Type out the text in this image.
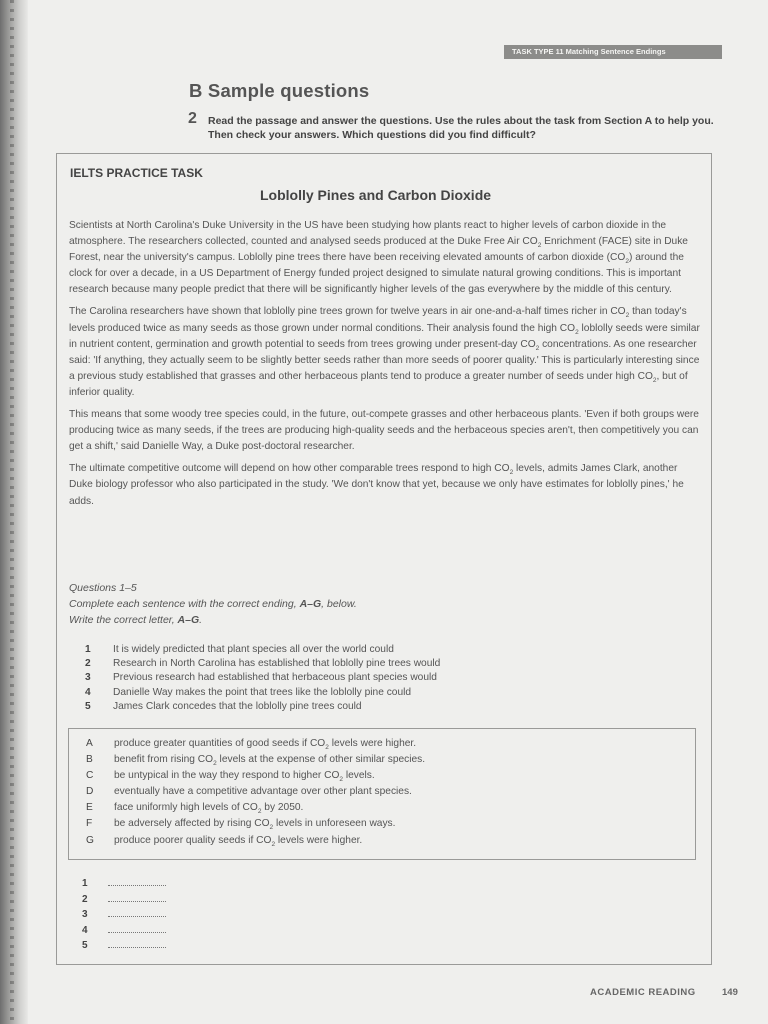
TASK TYPE 11 Matching Sentence Endings
B Sample questions
2 Read the passage and answer the questions. Use the rules about the task from Section A to help you. Then check your answers. Which questions did you find difficult?
IELTS PRACTICE TASK
Loblolly Pines and Carbon Dioxide

Scientists at North Carolina's Duke University in the US have been studying how plants react to higher levels of carbon dioxide in the atmosphere. The researchers collected, counted and analysed seeds produced at the Duke Free Air $CO_2$ Enrichment (FACE) site in Duke Forest, near the university's campus. Loblolly pine trees there have been receiving elevated amounts of carbon dioxide $(CO_2)$ around the clock for over a decade, in a US Department of Energy funded project designed to simulate natural growing conditions. This is important research because many people predict that there will be significantly higher levels of the gas everywhere by the middle of this century.

The Carolina researchers have shown that loblolly pine trees grown for twelve years in air one-and-a-half times richer in $CO_2$ than today's levels produced twice as many seeds as those grown under normal conditions. Their analysis found the high $CO_2$ loblolly seeds were similar in nutrient content, germination and growth potential to seeds from trees growing under present-day $CO_2$ concentrations. As one researcher said: 'If anything, they actually seem to be slightly better seeds rather than more seeds of poorer quality.' This is particularly interesting since a previous study established that grasses and other herbaceous plants tend to produce a greater number of seeds under high $CO_2$, but of inferior quality.

This means that some woody tree species could, in the future, out-compete grasses and other herbaceous plants. 'Even if both groups were producing twice as many seeds, if the trees are producing high-quality seeds and the herbaceous species aren't, then competitively you can get a shift,' said Danielle Way, a Duke post-doctoral researcher.

The ultimate competitive outcome will depend on how other comparable trees respond to high $CO_2$ levels, admits James Clark, another Duke biology professor who also participated in the study. 'We don't know that yet, because we only have estimates for loblolly pines,' he adds.

Questions 1–5
Complete each sentence with the correct ending, A–G, below.
Write the correct letter, A–G.
1	It is widely predicted that plant species all over the world could
2	Research in North Carolina has established that loblolly pine trees would
3	Previous research had established that herbaceous plant species would
4	Danielle Way makes the point that trees like the loblolly pine could
5	James Clark concedes that the loblolly pine trees could
A	produce greater quantities of good seeds if $CO_2$ levels were higher.
B	benefit from rising $CO_2$ levels at the expense of other similar species.
C	be untypical in the way they respond to higher $CO_2$ levels.
D	eventually have a competitive advantage over other plant species.
E	face uniformly high levels of $CO_2$ by 2050.
F	be adversely affected by rising $CO_2$ levels in unforeseen ways.
G	produce poorer quality seeds if $CO_2$ levels were higher.
1
2
3
4
5
ACADEMIC READING	149
